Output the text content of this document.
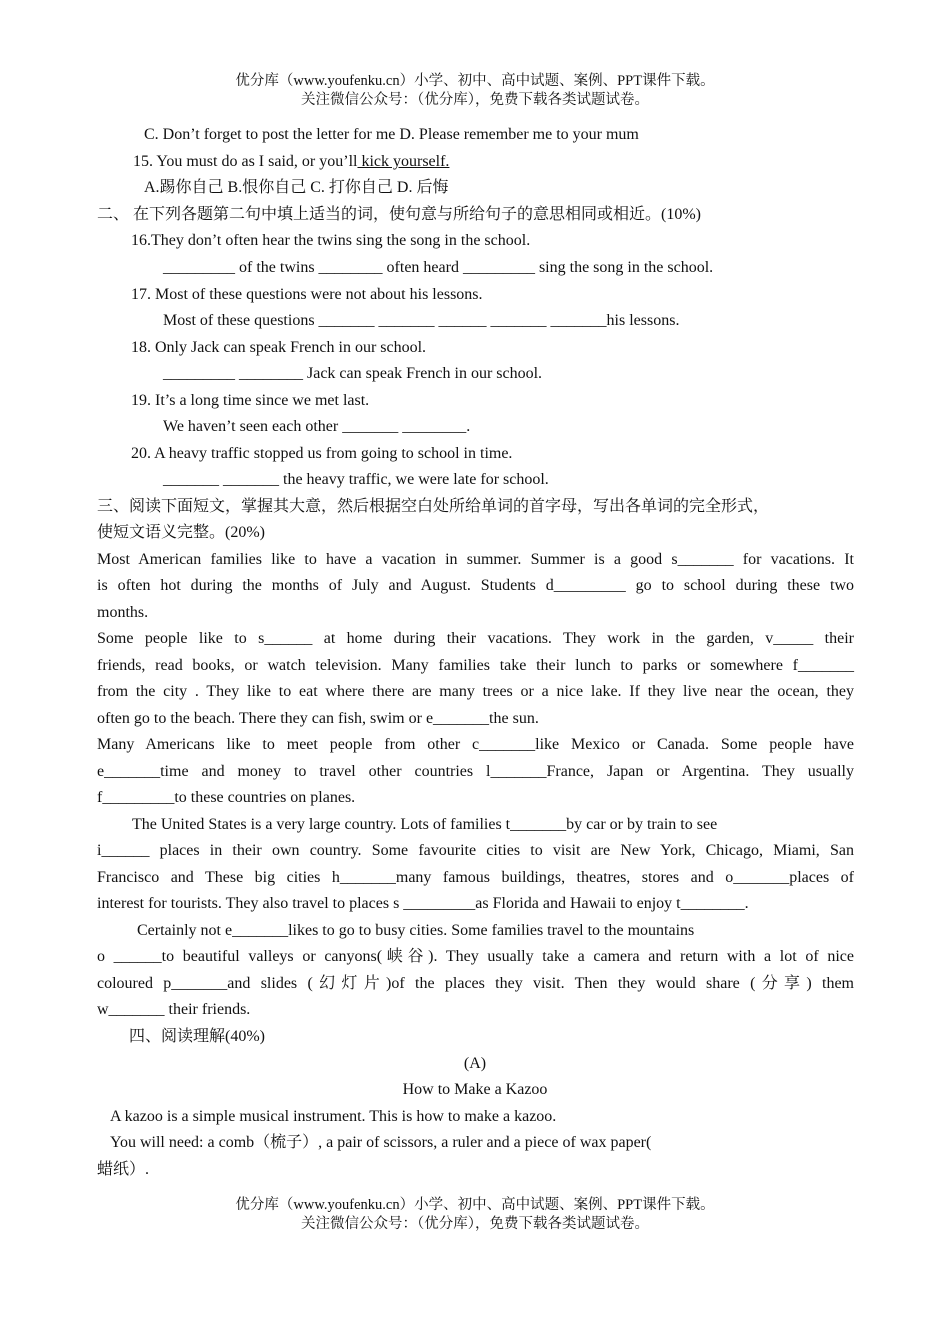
优分库（www.youfenku.cn）小学、初中、高中试题、案例、PPT课件下载。
关注微信公众号：（优分库），免费下载各类试题试卷。
C. Don’t forget to post the letter for me D. Please remember me to your mum
15. You must do as I said, or you’ll kick yourself.
A.踢你自己 B.恨你自己 C. 打你自己 D. 后悔
二、 在下列各题第二句中填上适当的词，使句意与所给句子的意思相同或相近。(10%)
16.They don’t often hear the twins sing the song in the school.
_________ of the twins ________ often heard _________ sing the song in the school.
17. Most of these questions were not about his lessons.
Most of these questions _______ _______ ______ _______ _______his lessons.
18. Only Jack can speak French in our school.
_________ ________ Jack can speak French in our school.
19. It’s a long time since we met last.
We haven’t seen each other _______ ________.
20. A heavy traffic stopped us from going to school in time.
_______ _______ the heavy traffic, we were late for school.
三、阅读下面短文，掌握其大意，然后根据空白处所给单词的首字母，写出各单词的完全形式，
使短文语义完整。(20%)
Most American families like to have a vacation in summer. Summer is a good s_______ for vacations. It
is often hot during the months of July and August. Students d_________ go to school during these two
months.
Some people like to s______ at home during their vacations. They work in the garden, v_____ their
friends, read books, or watch television. Many families take their lunch to parks or somewhere f_______
from the city . They like to eat where there are many trees or a nice lake. If they live near the ocean, they
often go to the beach. There they can fish, swim or e_______the sun.
Many Americans like to meet people from other c_______like Mexico or Canada. Some people have
e_______time and money to travel other countries l_______France, Japan or Argentina. They usually
f_________to these countries on planes.
The United States is a very large country. Lots of families t_______by car or by train to see
i______ places in their own country. Some favourite cities to visit are New York, Chicago, Miami, San
Francisco and These big cities h_______many famous buildings, theatres, stores and o_______places of
interest for tourists. They also travel to places s _________as Florida and Hawaii to enjoy t________.
Certainly not e_______likes to go to busy cities. Some families travel to the mountains
o ______to beautiful valleys or canyons(峡谷). They usually take a camera and return with a lot of nice
coloured p_______and slides (幻灯片)of the places they visit. Then they would share (分享) them
w_______ their friends.
四、阅读理解(40%)
(A)
How to Make a Kazoo
A kazoo is a simple musical instrument. This is how to make a kazoo.
You will need: a comb（梳子）, a pair of scissors, a ruler and a piece of wax paper(
蜡纸）.
优分库（www.youfenku.cn）小学、初中、高中试题、案例、PPT课件下载。
关注微信公众号：（优分库），免费下载各类试题试卷。
